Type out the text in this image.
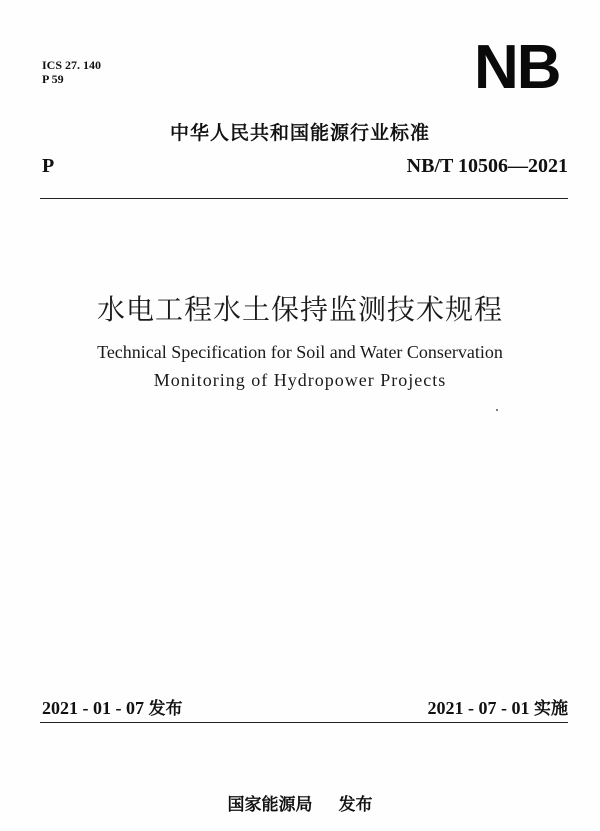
ICS 27. 140
P 59	NB
中华人民共和国能源行业标准
P	NB/T 10506—2021
水电工程水土保持监测技术规程
Technical Specification for Soil and Water Conservation
Monitoring of Hydropower Projects
2021 - 01 - 07 发布	2021 - 07 - 01 实施
国家能源局 发布
